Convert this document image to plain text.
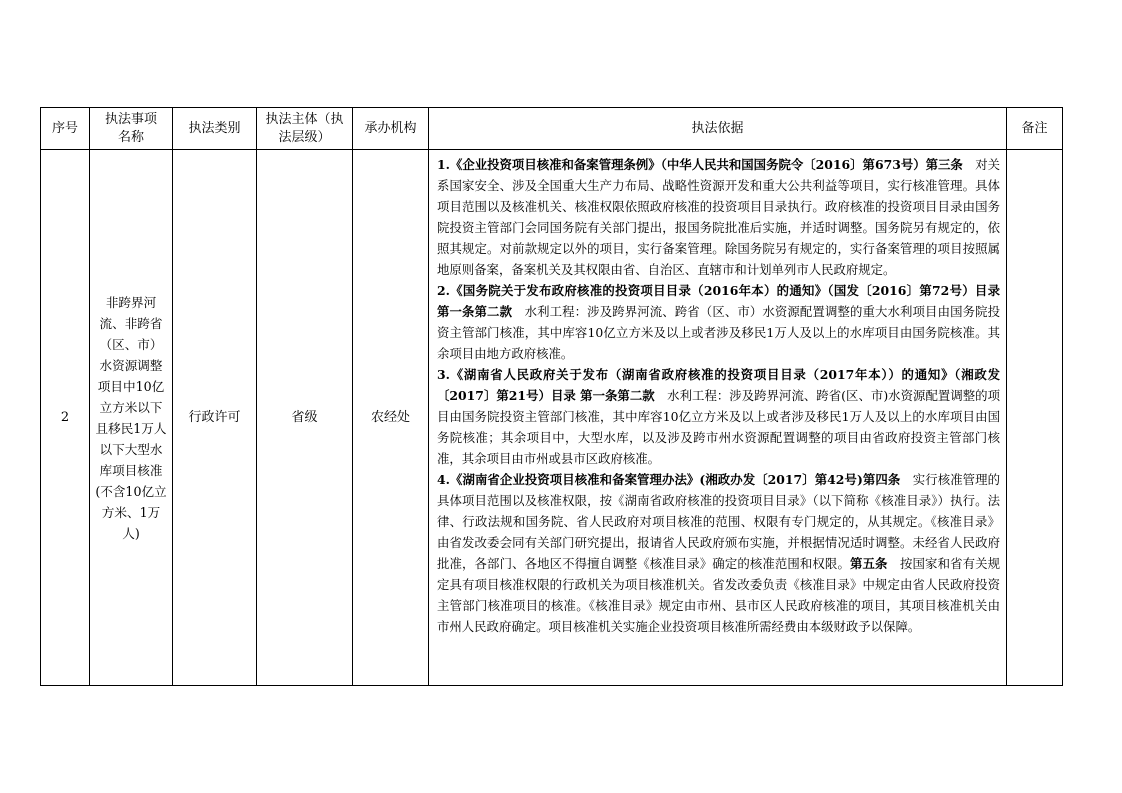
序号	执法事项名称	执法类别	执法主体（执法层级）	承办机构	执法依据	备注
2	非跨界河流、非跨省（区、市）水资源调整项目中10亿立方米以下且移民1万人以下大型水库项目核准(不含10亿立方米、1万人)	行政许可	省级	农经处	1.《企业投资项目核准和备案管理条例》（中华人民共和国国务院令〔2016〕第673号）第三条　对关系国家安全、涉及全国重大生产力布局、战略性资源开发和重大公共利益等项目，实行核准管理。具体项目范围以及核准机关、核准权限依照政府核准的投资项目目录执行。政府核准的投资项目目录由国务院投资主管部门会同国务院有关部门提出，报国务院批准后实施，并适时调整。国务院另有规定的，依照其规定。对前款规定以外的项目，实行备案管理。除国务院另有规定的，实行备案管理的项目按照属地原则备案，备案机关及其权限由省、自治区、直辖市和计划单列市人民政府规定。

2.《国务院关于发布政府核准的投资项目目录（2016年本）的通知》（国发〔2016〕第72号）目录 第一条第二款　水利工程：涉及跨界河流、跨省（区、市）水资源配置调整的重大水利项目由国务院投资主管部门核准，其中库容10亿立方米及以上或者涉及移民1万人及以上的水库项目由国务院核准。其余项目由地方政府核准。

3.《湖南省人民政府关于发布（湖南省政府核准的投资项目目录（2017年本））的通知》（湘政发〔2017〕第21号）目录 第一条第二款　水利工程：涉及跨界河流、跨省(区、市)水资源配置调整的项目由国务院投资主管部门核准，其中库容10亿立方米及以上或者涉及移民1万人及以上的水库项目由国务院核准；其余项目中，大型水库，以及涉及跨市州水资源配置调整的项目由省政府投资主管部门核准，其余项目由市州或县市区政府核准。

4.《湖南省企业投资项目核准和备案管理办法》(湘政办发〔2017〕第42号)第四条　实行核准管理的具体项目范围以及核准权限，按《湖南省政府核准的投资项目目录》（以下简称《核准目录》）执行。法律、行政法规和国务院、省人民政府对项目核准的范围、权限有专门规定的，从其规定。《核准目录》由省发改委会同有关部门研究提出，报请省人民政府颁布实施，并根据情况适时调整。未经省人民政府批准，各部门、各地区不得擅自调整《核准目录》确定的核准范围和权限。第五条　按国家和省有关规定具有项目核准权限的行政机关为项目核准机关。省发改委负责《核准目录》中规定由省人民政府投资主管部门核准项目的核准。《核准目录》规定由市州、县市区人民政府核准的项目，其项目核准机关由市州人民政府确定。项目核准机关实施企业投资项目核准所需经费由本级财政予以保障。	
